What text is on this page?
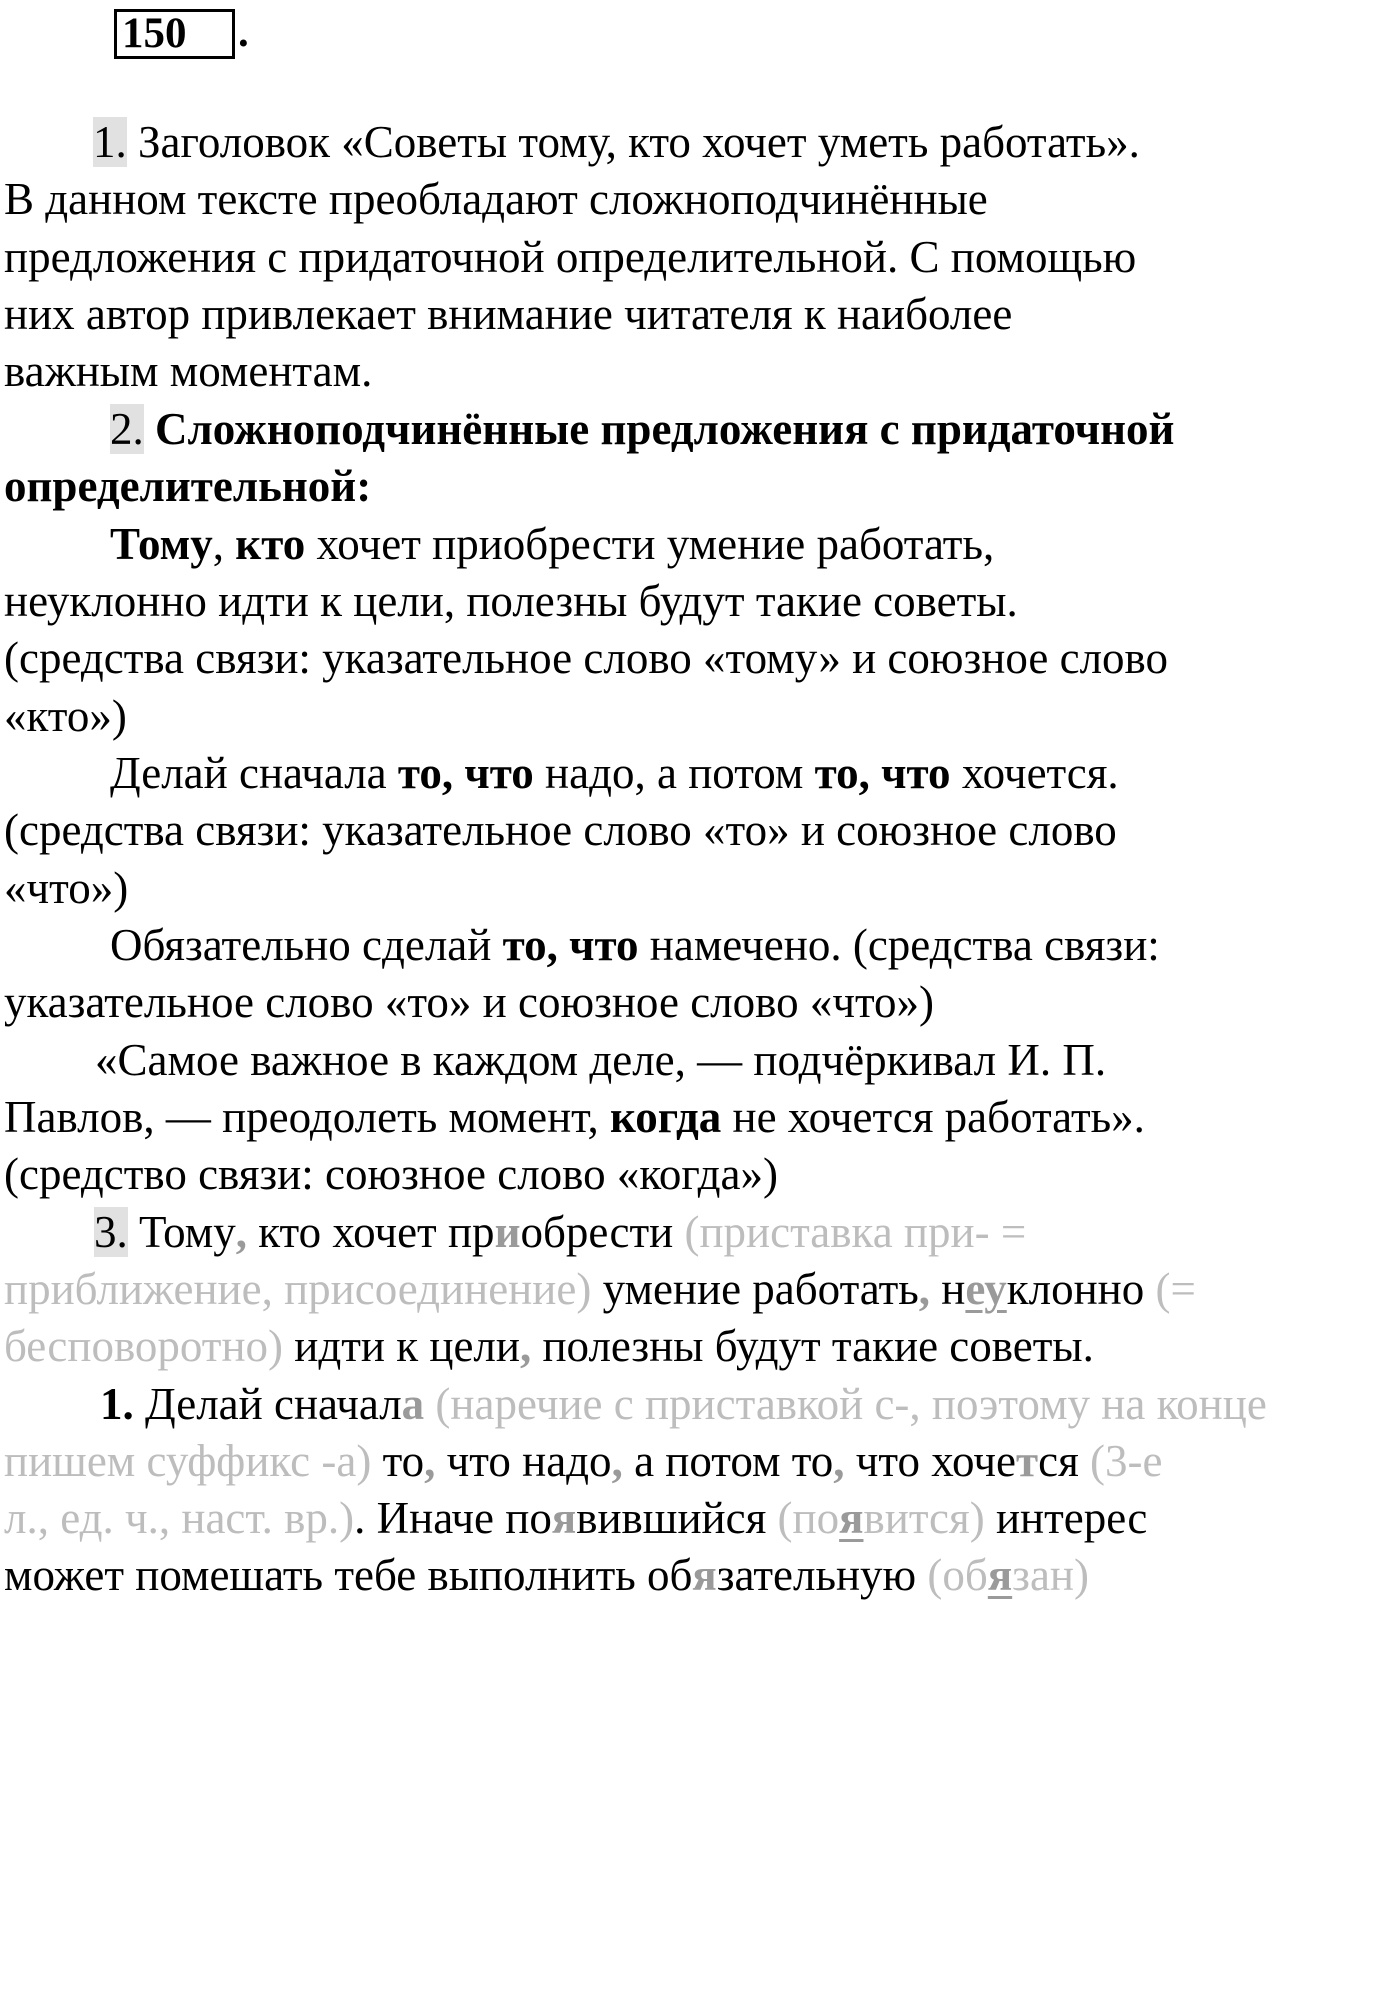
150	.
1. Заголовок «Советы тому, кто хочет уметь работать».
В данном тексте преобладают сложноподчинённые
предложения с придаточной определительной. С помощью
них автор привлекает внимание читателя к наиболее
важным моментам.
2. Сложноподчинённые предложения с придаточной
определительной:
Тому, кто хочет приобрести умение работать,
неуклонно идти к цели, полезны будут такие советы.
(средства связи: указательное слово «тому» и союзное слово
«кто»)
Делай сначала то, что надо, а потом то, что хочется.
(средства связи: указательное слово «то» и союзное слово
«что»)
Обязательно сделай то, что намечено. (средства связи:
указательное слово «то» и союзное слово «что»)
«Самое важное в каждом деле, — подчёркивал И. П.
Павлов, — преодолеть момент, когда не хочется работать».
(средство связи: союзное слово «когда»)
3. Тому, кто хочет приобрести (приставка при- =
приближение, присоединение) умение работать, неуклонно (=
бесповоротно) идти к цели, полезны будут такие советы.
1. Делай сначала (наречие с приставкой с-, поэтому на конце
пишем суффикс -а) то, что надо, а потом то, что хочется (3-е
л., ед. ч., наст. вр.). Иначе появившийся (появится) интерес
может помешать тебе выполнить обязательную (обязан)
